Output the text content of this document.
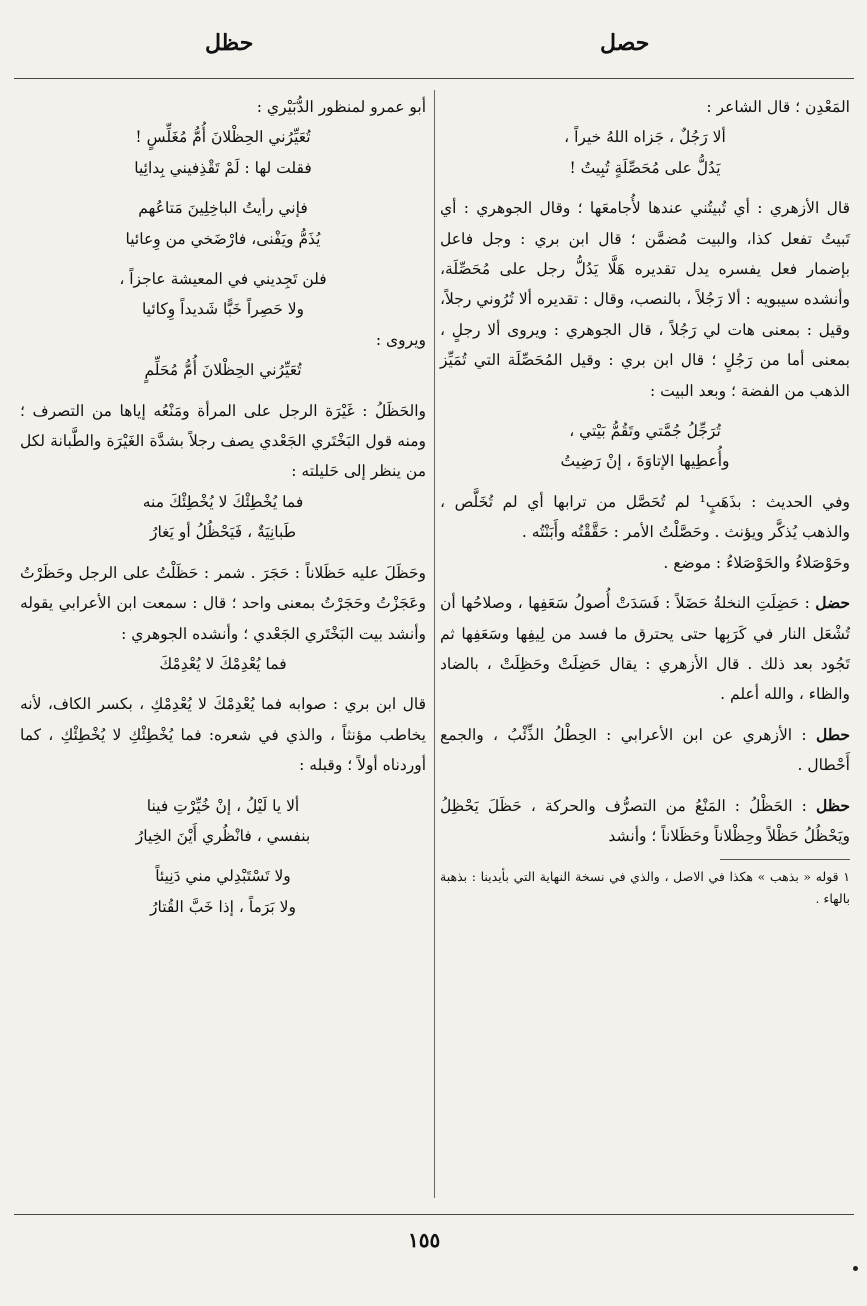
حصل
حظل

المَعْدِن ؛ قال الشاعر :

ألا رَجُلٌ ، جَزاه اللهُ خيراً ،

يَدُلُّ على مُحَصِّلَةٍ تُبِيتُ !

قال الأزهري : أي تُبيتُني عندها لأُجامعَها ؛ وقال الجوهري : أي تَبيتُ تفعل كذا، والبيت مُضمَّن ؛ قال ابن بري : وجل فاعل بإضمار فعل يفسره يدل تقديره هَلَّا يَدُلُّ رجل على مُحَصِّلَة، وأنشده سيبويه : ألا رَجُلاً ، بالنصب، وقال : تقديره ألا تُرُوني رجلاً، وقيل : بمعنى هات لي رَجُلاً ، قال الجوهري : ويروى ألا رجلٍ ، بمعنى أما من رَجُلٍ ؛ قال ابن بري : وقيل المُحَصِّلَة التي تُمَيِّز الذهب من الفضة ؛ وبعد البيت :

تُرَجِّلُ جُمَّتي وتَقُمُّ بَيْتي ،

وأُعطِيها الإتاوَةَ ، إنْ رَضِيتُ

وفي الحديث : بذَهَبٍ¹ لم تُحَصَّل من ترابها أي لم تُخَلَّص ، والذهب يُذكَّر ويؤنث . وحَصَّلْتُ الأمر : حَقَّقْتُه وأَبَنْتُه .

وحَوْصَلاءُ والحَوْصَلاءُ : موضع .

حضل : حَضِلَتِ النخلةُ حَضَلاً : فَسَدَتْ أُصولُ سَعَفِها ، وصلاحُها أن تُشْعَل النار في كَرَبِها حتى يحترق ما فسد من لِيفِها وسَعَفِها ثم تَجُود بعد ذلك . قال الأزهري : يقال حَضِلَتْ وحَظِلَتْ ، بالضاد والظاء ، والله أعلم .

حطل : الأزهري عن ابن الأعرابي : الحِطْلُ الذِّئْبُ ، والجمع أَحْطال .

حظل : الحَظْلُ : المَنْعُ من التصرُّف والحركة ، حَظَلَ يَحْظِلُ ويَحْظُلُ حَظْلاً وحِظْلاناً وحَظَلاناً ؛ وأنشد

١ قوله « بذهب » هكذا في الاصل ، والذي في نسخة النهاية التي بأيدينا : بذهبة بالهاء .

أبو عمرو لمنظور الدُّبَيْري :

تُعَيِّرُني الحِظْلانَ أُمُّ مُغَلِّسٍ !

فقلت لها : لَمْ تَقْذِفيني بِدائِيا

فإني رأيتُ الباخِلِينَ مَتاعُهم

يُذَمُّ ويَفْنى، فارْضَخي من وِعائيا

فلن تَجِديني في المعيشة عاجزاً ،

ولا حَصِراً خَبًّا شَديداً وِكائيا

ويروى :

تُعَيِّرُني الحِظْلانَ أُمُّ مُحَلِّمٍ

والحَظَلُ : غَيْرَة الرجل على المرأة ومَنْعُه إياها من التصرف ؛ ومنه قول البَخْتَري الجَعْدي يصف رجلاً بشدَّة الغَيْرَة والطَّبانة لكل من ينظر إلى حَليلته :

فما يُخْطِئْكَ لا يُخْطِئْكَ منه

طَبانِيَةٌ ، فَيَحْظُلُ أو يَغارُ

وحَظَلَ عليه حَظَلاناً : حَجَرَ . شمر : حَظَلْتُ على الرجل وحَظَرْتُ وعَجَزْتُ وحَجَرْتُ بمعنى واحد ؛ قال : سمعت ابن الأعرابي يقوله وأنشد بيت البَخْتَري الجَعْدي ؛ وأنشده الجوهري :

فما يُعْدِمْكَ لا يُعْدِمْكَ

قال ابن بري : صوابه فما يُعْدِمْكَ لا يُعْدِمْكِ ، بكسر الكاف، لأنه يخاطب مؤنثاً ، والذي في شعره: فما يُخْطِئْكِ لا يُخْطِئْكِ ، كما أوردناه أولاً ؛ وقبله :

ألا يا لَيْلُ ، إنْ خُيِّرْتِ فينا

بنفسي ، فانْظُري أَيْنَ الخِيارُ

ولا تَسْتَبْدِلي مني دَنِيئاً

ولا بَرَماً ، إذا خَبَّ القُتارُ

١٥٥
